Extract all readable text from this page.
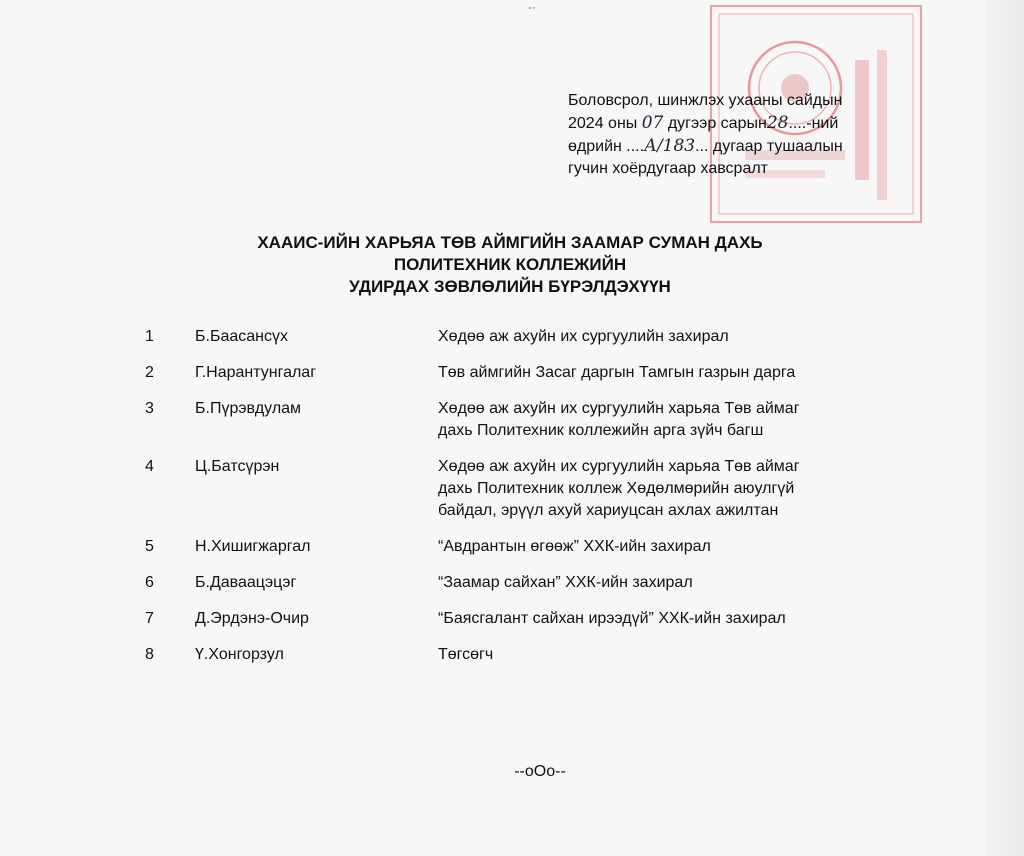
-·
Боловсрол, шинжлэх ухааны сайдын
2024 оны 07 дугээр сарын28....-ний
өдрийн ....А/183... дугаар тушаалын
гучин хоёрдугаар хавсралт
ХААИС-ИЙН ХАРЬЯА ТӨВ АЙМГИЙН ЗААМАР СУМАН ДАХЬ
ПОЛИТЕХНИК КОЛЛЕЖИЙН
УДИРДАХ ЗӨВЛӨЛИЙН БҮРЭЛДЭХҮҮН
1	Б.Баасансүх	Хөдөө аж ахуйн их сургуулийн захирал
2	Г.Нарантунгалаг	Төв аймгийн Засаг даргын Тамгын газрын дарга
3	Б.Пүрэвдулам	Хөдөө аж ахуйн их сургуулийн харьяа Төв аймаг
дахь Политехник коллежийн арга зүйч багш
4	Ц.Батсүрэн	Хөдөө аж ахуйн их сургуулийн харьяа Төв аймаг
дахь Политехник коллеж Хөдөлмөрийн аюулгүй
байдал, эрүүл ахуй хариуцсан ахлах ажилтан
5	Н.Хишигжаргал	“Авдрантын өгөөж” ХХК-ийн захирал
6	Б.Даваацэцэг	“Заамар сайхан” ХХК-ийн захирал
7	Д.Эрдэнэ-Очир	“Баясгалант сайхан ирээдүй” ХХК-ийн захирал
8	Ү.Хонгорзул	Төгсөгч
--оОо--
